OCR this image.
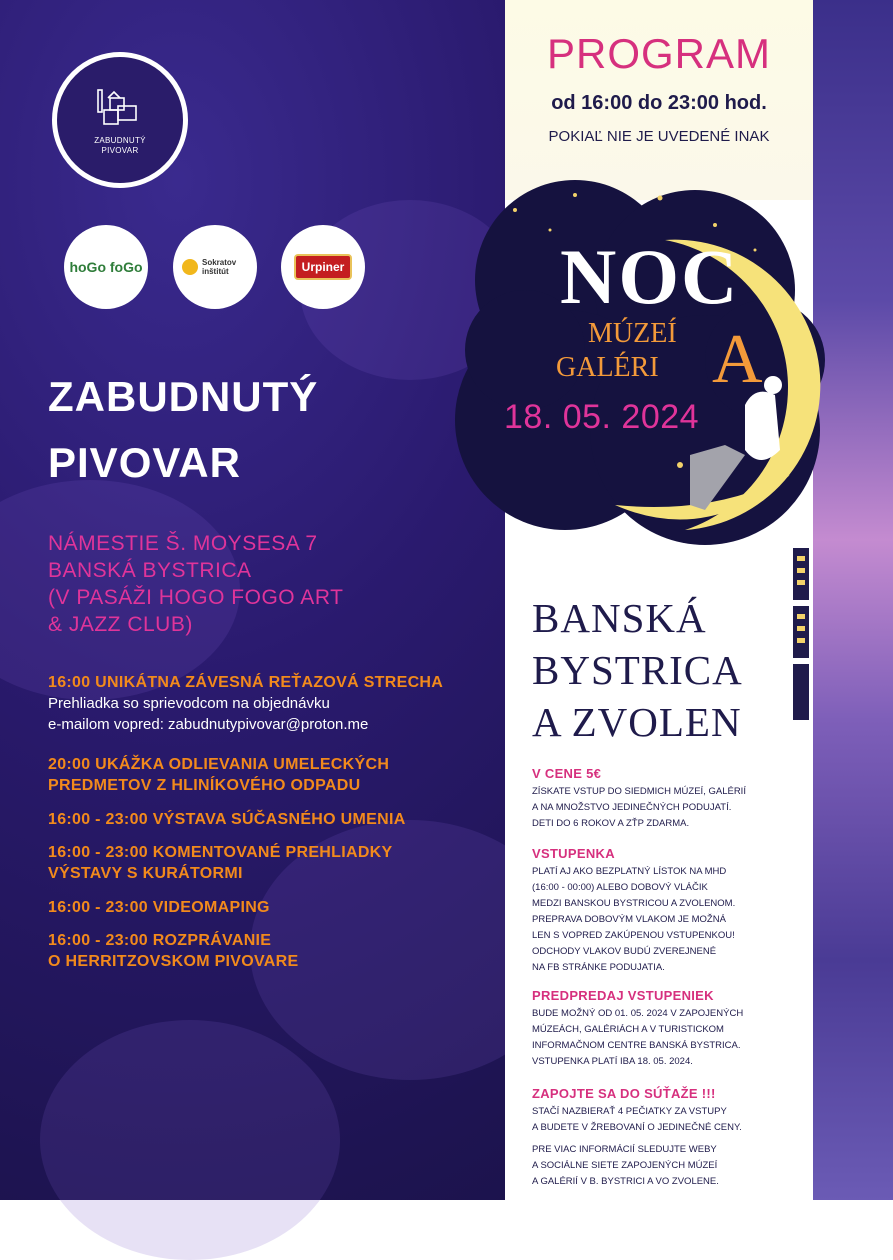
ZABUDNUTÝ
PIVOVAR
hoGo foGo	Sokratov inštitút	Urpiner
ZABUDNUTÝ
PIVOVAR
NÁMESTIE Š. MOYSESA 7
BANSKÁ BYSTRICA
(V PASÁŽI HOGO FOGO ART
& JAZZ CLUB)
16:00 UNIKÁTNA ZÁVESNÁ REŤAZOVÁ STRECHA
Prehliadka so sprievodcom na objednávku
e-mailom vopred: zabudnutypivovar@proton.me
20:00 UKÁŽKA ODLIEVANIA UMELECKÝCH
PREDMETOV Z HLINÍKOVÉHO ODPADU
16:00 - 23:00 VÝSTAVA SÚČASNÉHO UMENIA
16:00 - 23:00 KOMENTOVANÉ PREHLIADKY
VÝSTAVY S KURÁTORMI
16:00 - 23:00 VIDEOMAPING
16:00 - 23:00 ROZPRÁVANIE
O HERRITZOVSKOM PIVOVARE
PROGRAM
od 16:00 do 23:00 hod.
POKIAĽ NIE JE UVEDENÉ INAK
NOC
MÚZEÍ
GALÉRI A
18. 05. 2024
BANSKÁ
BYSTRICA
A ZVOLEN
V CENE 5€
ZÍSKATE VSTUP DO SIEDMICH MÚZEÍ, GALÉRIÍ
A NA MNOŽSTVO JEDINEČNÝCH PODUJATÍ.
DETI DO 6 ROKOV A ZŤP ZDARMA.
VSTUPENKA
PLATÍ AJ AKO BEZPLATNÝ LÍSTOK NA MHD
(16:00 - 00:00) ALEBO DOBOVÝ VLÁČIK
MEDZI BANSKOU BYSTRICOU A ZVOLENOM.
PREPRAVA DOBOVÝM VLAKOM JE MOŽNÁ
LEN S VOPRED ZAKÚPENOU VSTUPENKOU!
ODCHODY VLAKOV BUDÚ ZVEREJNENÉ
NA FB STRÁNKE PODUJATIA.
PREDPREDAJ VSTUPENIEK
BUDE MOŽNÝ OD 01. 05. 2024 V ZAPOJENÝCH
MÚZEÁCH, GALÉRIÁCH A V TURISTICKOM
INFORMAČNOM CENTRE BANSKÁ BYSTRICA.
VSTUPENKA PLATÍ IBA 18. 05. 2024.
ZAPOJTE SA DO SÚŤAŽE !!!
STAČÍ NAZBIERAŤ 4 PEČIATKY ZA VSTUPY
A BUDETE V ŽREBOVANÍ O JEDINEČNÉ CENY.
PRE VIAC INFORMÁCIÍ SLEDUJTE WEBY
A SOCIÁLNE SIETE ZAPOJENÝCH MÚZEÍ
A GALÉRIÍ V B. BYSTRICI A VO ZVOLENE.
